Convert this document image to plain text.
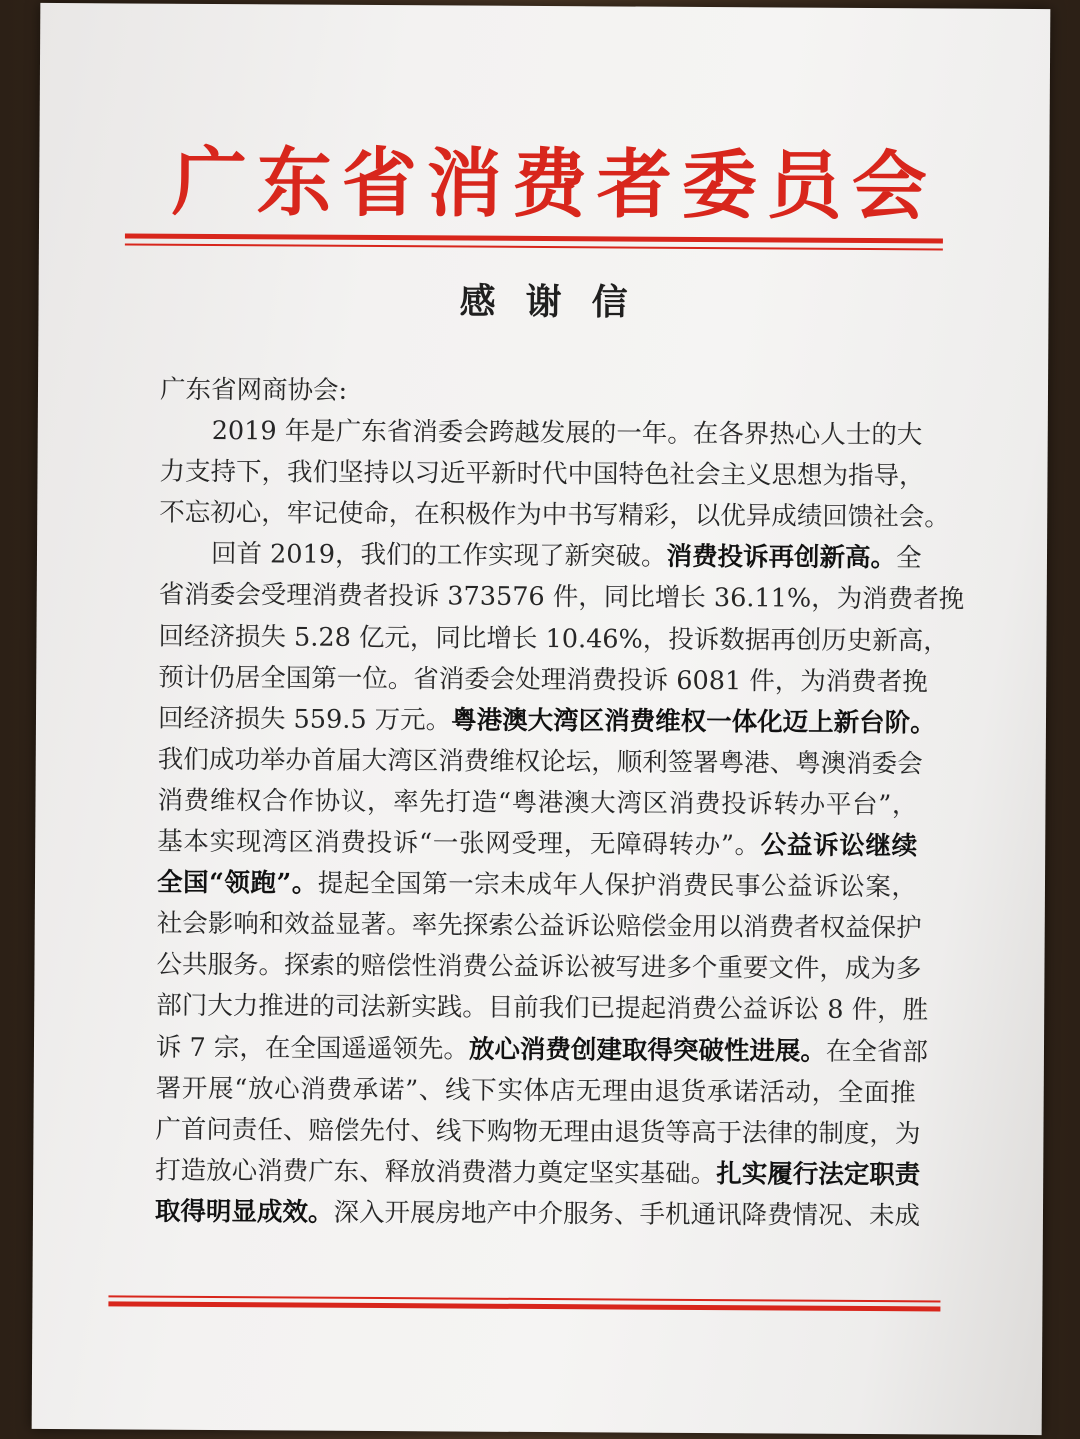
广东省消费者委员会
感谢信
广东省网商协会:
2019 年是广东省消委会跨越发展的一年。在各界热心人士的大
力支持下，我们坚持以习近平新时代中国特色社会主义思想为指导，
不忘初心，牢记使命，在积极作为中书写精彩，以优异成绩回馈社会。
回首 2019，我们的工作实现了新突破。消费投诉再创新高。全
省消委会受理消费者投诉 373576 件，同比增长 36.11%，为消费者挽
回经济损失 5.28 亿元，同比增长 10.46%，投诉数据再创历史新高，
预计仍居全国第一位。省消委会处理消费投诉 6081 件，为消费者挽
回经济损失 559.5 万元。粤港澳大湾区消费维权一体化迈上新台阶。
我们成功举办首届大湾区消费维权论坛，顺利签署粤港、粤澳消委会
消费维权合作协议，率先打造“粤港澳大湾区消费投诉转办平台”，
基本实现湾区消费投诉“一张网受理，无障碍转办”。公益诉讼继续
全国“领跑”。提起全国第一宗未成年人保护消费民事公益诉讼案，
社会影响和效益显著。率先探索公益诉讼赔偿金用以消费者权益保护
公共服务。探索的赔偿性消费公益诉讼被写进多个重要文件，成为多
部门大力推进的司法新实践。目前我们已提起消费公益诉讼 8 件，胜
诉 7 宗，在全国遥遥领先。放心消费创建取得突破性进展。在全省部
署开展“放心消费承诺”、线下实体店无理由退货承诺活动，全面推
广首问责任、赔偿先付、线下购物无理由退货等高于法律的制度，为
打造放心消费广东、释放消费潜力奠定坚实基础。扎实履行法定职责
取得明显成效。深入开展房地产中介服务、手机通讯降费情况、未成
